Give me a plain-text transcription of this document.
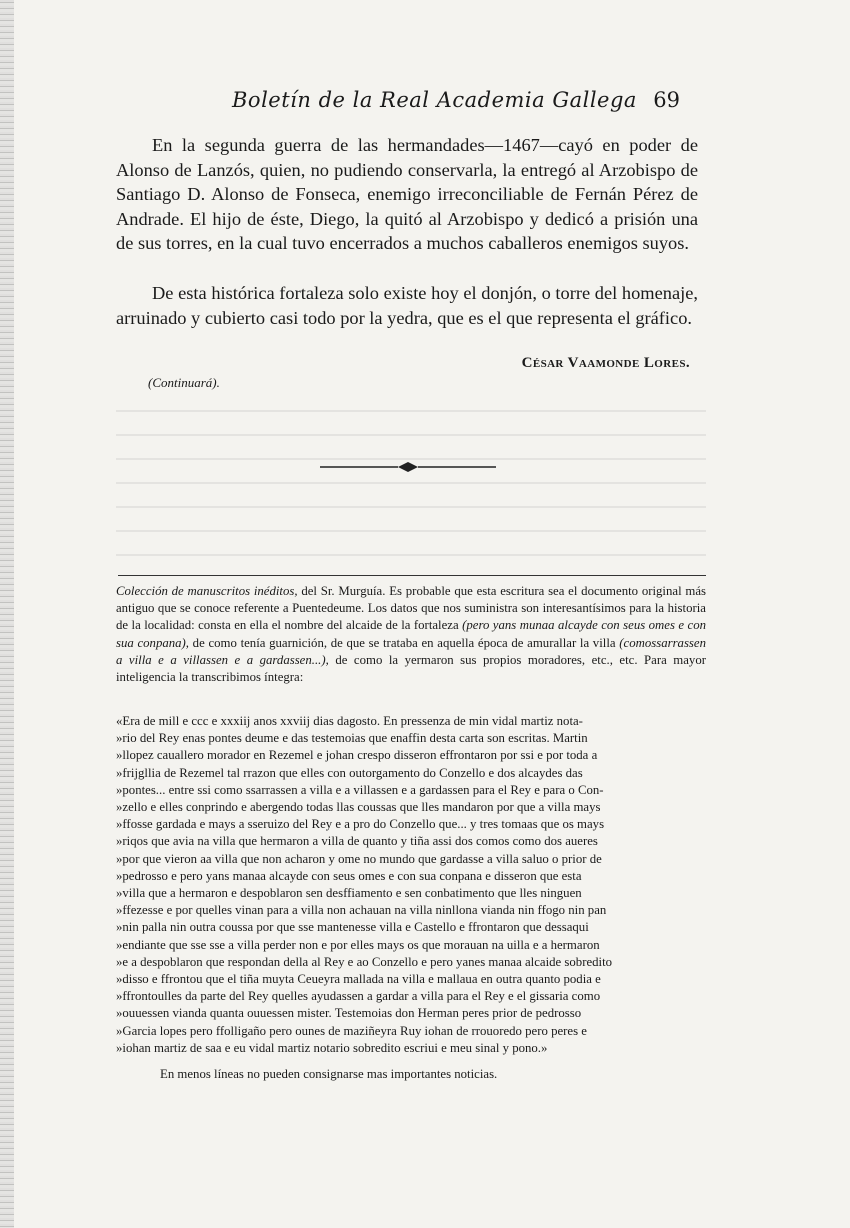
Boletín de la Real Academia Gallega 69

En la segunda guerra de las hermandades—1467—cayó en poder de Alonso de Lanzós, quien, no pudiendo conservarla, la entregó al Arzobispo de Santiago D. Alonso de Fonseca, enemigo irreconciliable de Fernán Pérez de Andrade. El hijo de éste, Diego, la quitó al Arzobispo y dedicó a prisión una de sus torres, en la cual tuvo encerrados a muchos caballeros enemigos suyos.

De esta histórica fortaleza solo existe hoy el donjón, o torre del homenaje, arruinado y cubierto casi todo por la yedra, que es el que representa el gráfico.

César Vaamonde Lores.
(Continuará).

Colección de manuscritos inéditos, del Sr. Murguía. Es probable que esta escritura sea el documento original más antiguo que se conoce referente a Puentedeume. Los datos que nos suministra son interesantísimos para la historia de la localidad: consta en ella el nombre del alcaide de la fortaleza (pero yans munaa alcayde con seus omes e con sua conpana), de como tenía guarnición, de que se trataba en aquella época de amurallar la villa (comossarrassen a villa e a villassen e a gardassen...), de como la yermaron sus propios moradores, etc., etc. Para mayor inteligencia la transcribimos íntegra:

«Era de mill e ccc e xxxiij anos xxviij dias dagosto. En pressenza de min vidal martiz nota-
»rio del Rey enas pontes deume e das testemoias que enaffin desta carta son escritas. Martin
»llopez cauallero morador en Rezemel e johan crespo disseron effrontaron por ssi e por toda a
»frijgllia de Rezemel tal rrazon que elles con outorgamento do Conzello e dos alcaydes das
»pontes... entre ssi como ssarrassen a villa e a villassen e a gardassen para el Rey e para o Con-
»zello e elles conprindo e abergendo todas llas coussas que lles mandaron por que a villa mays
»ffosse gardada e mays a sseruizo del Rey e a pro do Conzello que... y tres tomaas que os mays
»riqos que avia na villa que hermaron a villa de quanto y tiña assi dos comos como dos aueres
»por que vieron aa villa que non acharon y ome no mundo que gardasse a villa saluo o prior de
»pedrosso e pero yans manaa alcayde con seus omes e con sua conpana e disseron que esta
»villa que a hermaron e despoblaron sen desffiamento e sen conbatimento que lles ninguen
»ffezesse e por quelles vinan para a villa non achauan na villa ninllona vianda nin ffogo nin pan
»nin palla nin outra coussa por que sse mantenesse villa e Castello e ffrontaron que dessaqui
»endiante que sse sse a villa perder non e por elles mays os que morauan na uilla e a hermaron
»e a despoblaron que respondan della al Rey e ao Conzello e pero yanes manaa alcaide sobredito
»disso e ffrontou que el tiña muyta Ceueyra mallada na villa e mallaua en outra quanto podia e
»ffrontoulles da parte del Rey quelles ayudassen a gardar a villa para el Rey e el gissaria como
»ouuessen vianda quanta ouuessen mister. Testemoias don Herman peres prior de pedrosso
»Garcia lopes pero ffolligaño pero ounes de maziñeyra Ruy iohan de rrouoredo pero peres e
»iohan martiz de saa e eu vidal martiz notario sobredito escriui e meu sinal y pono.»

En menos líneas no pueden consignarse mas importantes noticias.
